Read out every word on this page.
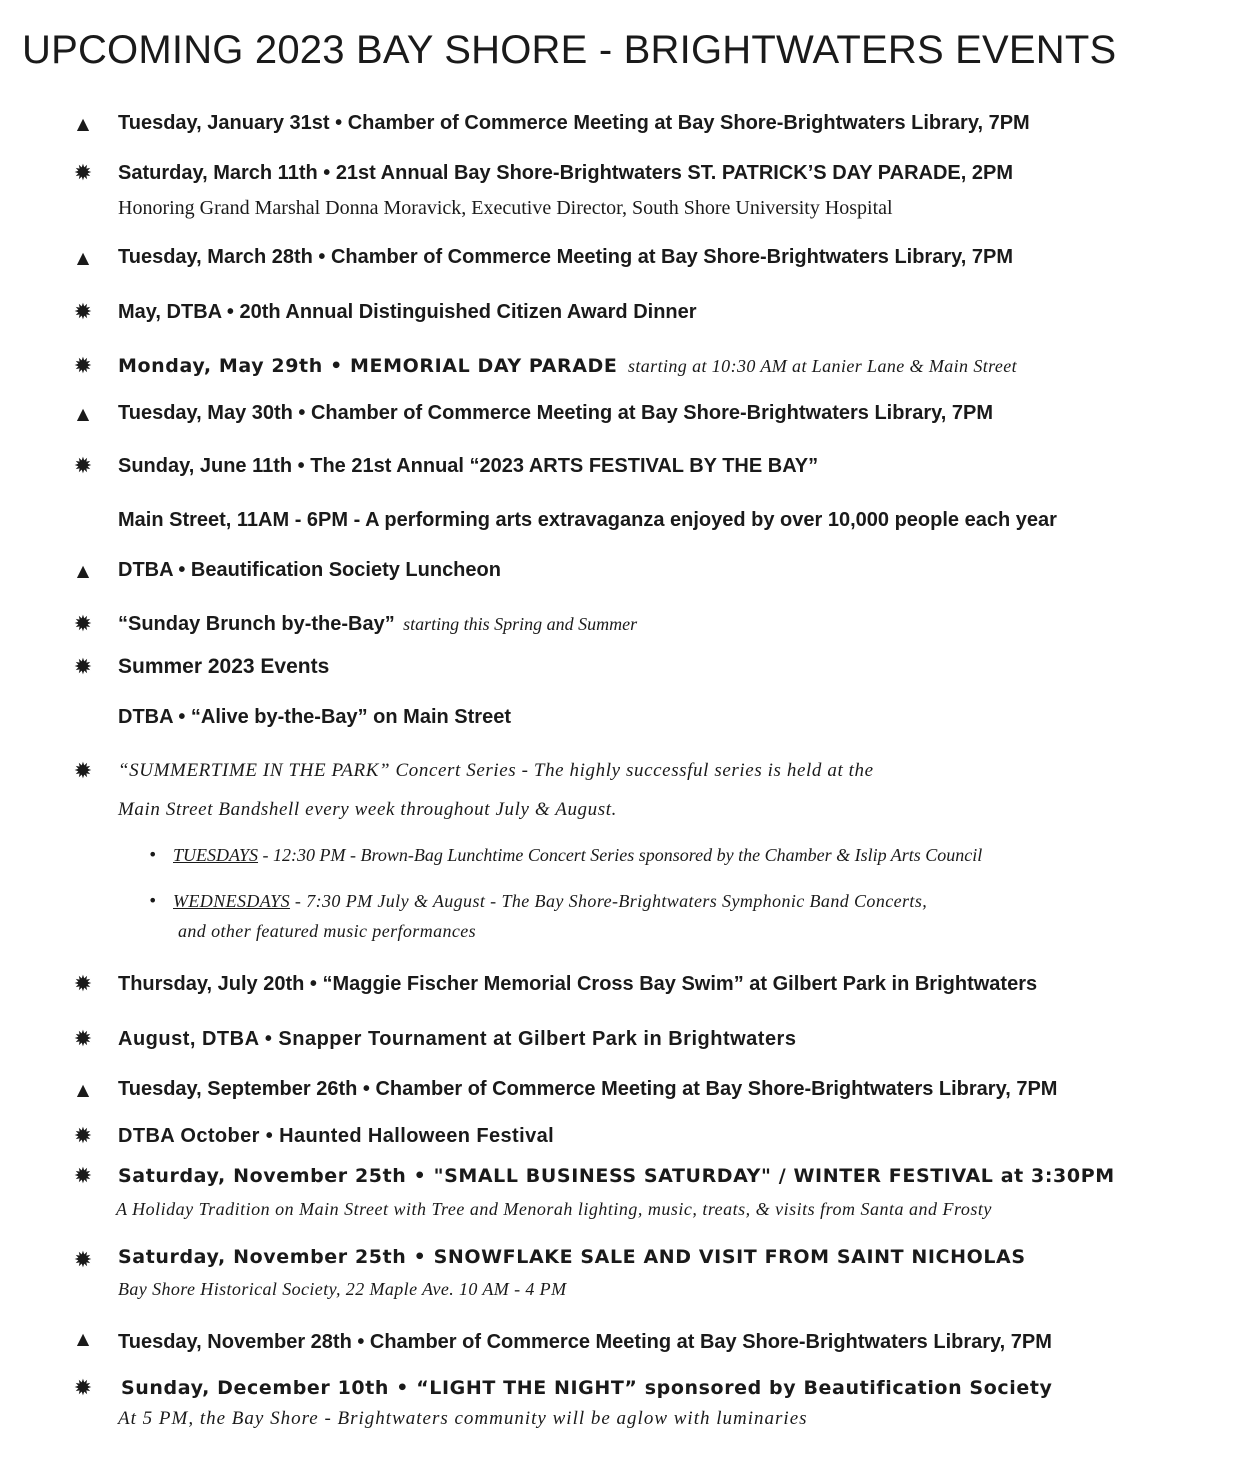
UPCOMING 2023 BAY SHORE - BRIGHTWATERS EVENTS
▲ Tuesday, January 31st • Chamber of Commerce Meeting at Bay Shore-Brightwaters Library, 7PM
✹ Saturday, March 11th • 21st Annual Bay Shore-Brightwaters ST. PATRICK’S DAY PARADE, 2PM
Honoring Grand Marshal Donna Moravick, Executive Director, South Shore University Hospital
▲ Tuesday, March 28th • Chamber of Commerce Meeting at Bay Shore-Brightwaters Library, 7PM
✹ May, DTBA • 20th Annual Distinguished Citizen Award Dinner
✹ Monday, May 29th • MEMORIAL DAY PARADE starting at 10:30 AM at Lanier Lane & Main Street
▲ Tuesday, May 30th • Chamber of Commerce Meeting at Bay Shore-Brightwaters Library, 7PM
✹ Sunday, June 11th • The 21st Annual “2023 ARTS FESTIVAL BY THE BAY”
Main Street, 11AM - 6PM - A performing arts extravaganza enjoyed by over 10,000 people each year
▲ DTBA • Beautification Society Luncheon
✹ “Sunday Brunch by-the-Bay” starting this Spring and Summer
✹ Summer 2023 Events
DTBA • “Alive by-the-Bay” on Main Street
✹ “SUMMERTIME IN THE PARK” Concert Series - The highly successful series is held at the
Main Street Bandshell every week throughout July & August.
• TUESDAYS - 12:30 PM - Brown-Bag Lunchtime Concert Series sponsored by the Chamber & Islip Arts Council
• WEDNESDAYS - 7:30 PM July & August - The Bay Shore-Brightwaters Symphonic Band Concerts,
and other featured music performances
✹ Thursday, July 20th • “Maggie Fischer Memorial Cross Bay Swim” at Gilbert Park in Brightwaters
✹ August, DTBA • Snapper Tournament at Gilbert Park in Brightwaters
▲ Tuesday, September 26th • Chamber of Commerce Meeting at Bay Shore-Brightwaters Library, 7PM
✹ DTBA October • Haunted Halloween Festival
✹ Saturday, November 25th • "SMALL BUSINESS SATURDAY" / WINTER FESTIVAL at 3:30PM
A Holiday Tradition on Main Street with Tree and Menorah lighting, music, treats, & visits from Santa and Frosty
✹ Saturday, November 25th • SNOWFLAKE SALE AND VISIT FROM SAINT NICHOLAS
Bay Shore Historical Society, 22 Maple Ave. 10 AM - 4 PM
▲ Tuesday, November 28th • Chamber of Commerce Meeting at Bay Shore-Brightwaters Library, 7PM
✹ Sunday, December 10th • “LIGHT THE NIGHT” sponsored by Beautification Society
At 5 PM, the Bay Shore - Brightwaters community will be aglow with luminaries
